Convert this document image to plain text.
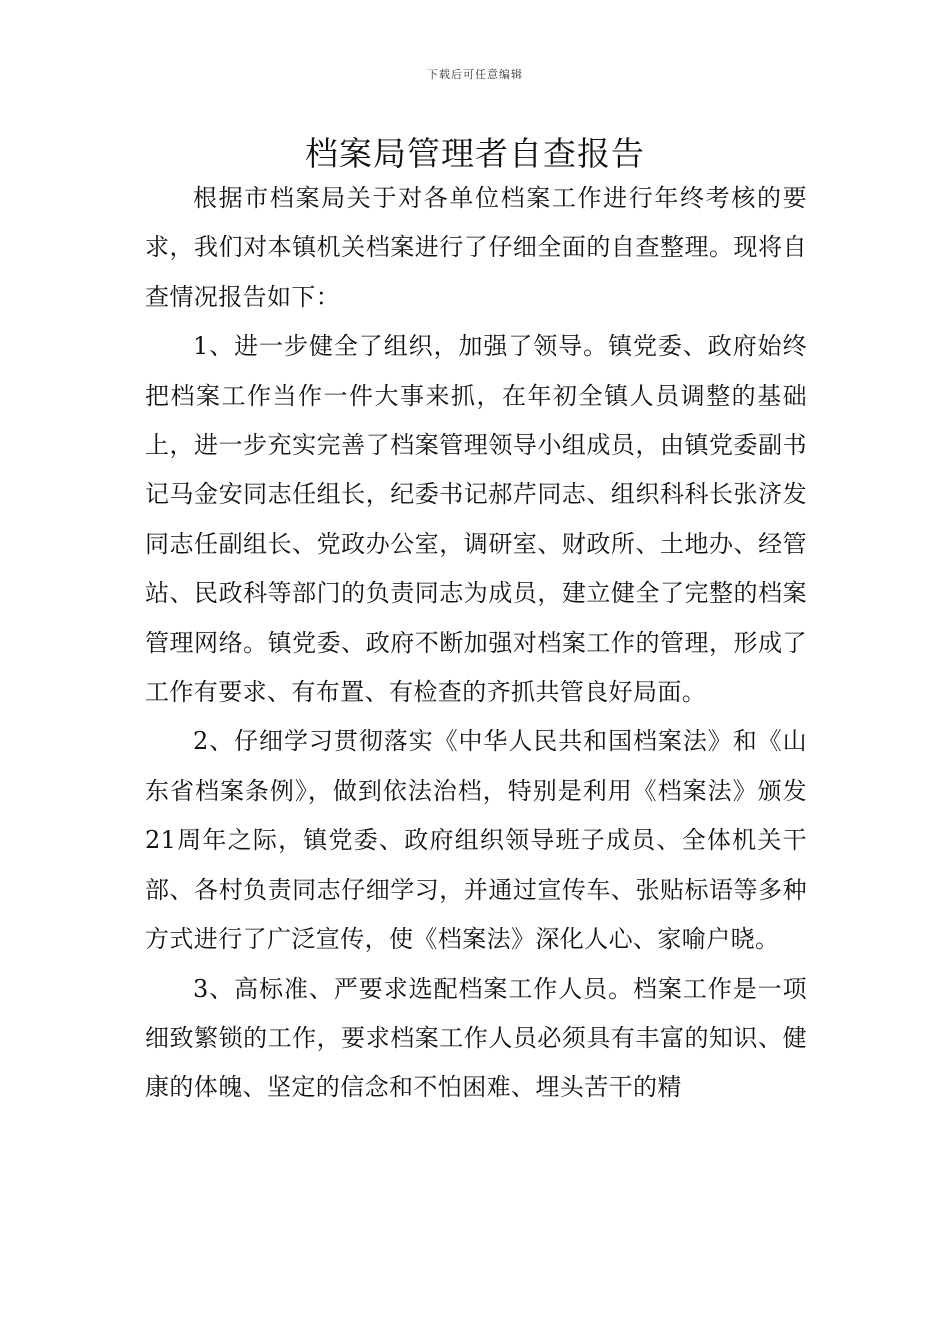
下载后可任意编辑
档案局管理者自查报告

根据市档案局关于对各单位档案工作进行年终考核的要求，我们对本镇机关档案进行了仔细全面的自查整理。现将自查情况报告如下：

1、进一步健全了组织，加强了领导。镇党委、政府始终把档案工作当作一件大事来抓，在年初全镇人员调整的基础上，进一步充实完善了档案管理领导小组成员，由镇党委副书记马金安同志任组长，纪委书记郝芹同志、组织科科长张济发同志任副组长、党政办公室，调研室、财政所、土地办、经管站、民政科等部门的负责同志为成员，建立健全了完整的档案管理网络。镇党委、政府不断加强对档案工作的管理，形成了工作有要求、有布置、有检查的齐抓共管良好局面。

2、仔细学习贯彻落实《中华人民共和国档案法》和《山东省档案条例》，做到依法治档，特别是利用《档案法》颁发21周年之际，镇党委、政府组织领导班子成员、全体机关干部、各村负责同志仔细学习，并通过宣传车、张贴标语等多种方式进行了广泛宣传，使《档案法》深化人心、家喻户晓。

3、高标准、严要求选配档案工作人员。档案工作是一项细致繁锁的工作，要求档案工作人员必须具有丰富的知识、健康的体魄、坚定的信念和不怕困难、埋头苦干的精
